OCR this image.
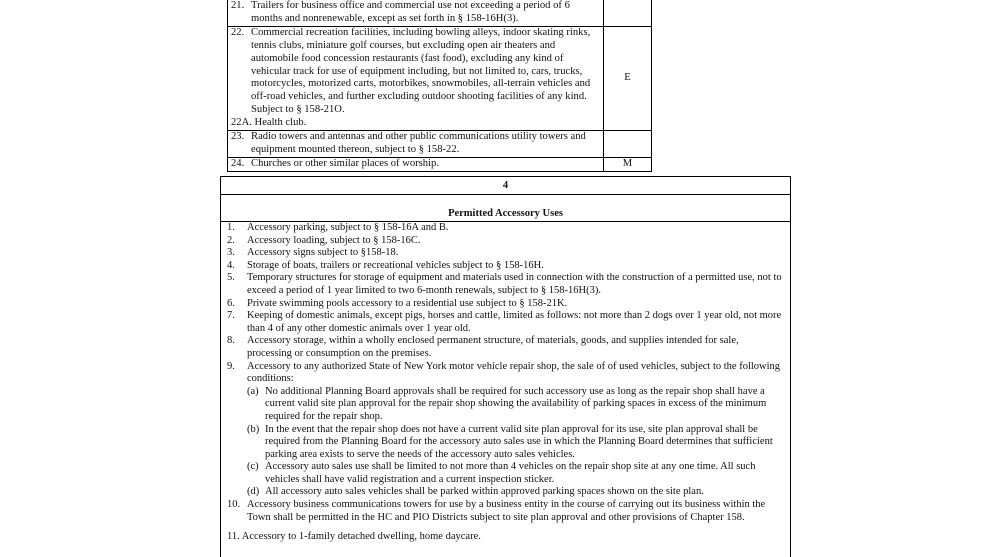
21. Trailers for business office and commercial use not exceeding a period of 6 months and nonrenewable, except as set forth in § 158-16H(3).	

22. Commercial recreation facilities, including bowling alleys, indoor skating rinks, tennis clubs, miniature golf courses, but excluding open air theaters and automobile food concession restaurants (fast food), excluding any kind of vehicular track for use of equipment including, but not limited to, cars, trucks, motorcycles, motorized carts, motorbikes, snowmobiles, all-terrain vehicles and off-road vehicles, and further excluding outdoor shooting facilities of any kind. Subject to § 158-21O.
22A. Health club.	E

23. Radio towers and antennas and other public communications utility towers and equipment mounted thereon, subject to § 158-22.	

24. Churches or other similar places of worship.	M
4
Permitted Accessory Uses
1.	Accessory parking, subject to § 158-16A and B.
2.	Accessory loading, subject to § 158-16C.
3.	Accessory signs subject to §158-18.
4.	Storage of boats, trailers or recreational vehicles subject to § 158-16H.
5.	Temporary structures for storage of equipment and materials used in connection with the construction of a permitted use, not to exceed a period of 1 year limited to two 6-month renewals, subject to § 158-16H(3).
6.	Private swimming pools accessory to a residential use subject to § 158-21K.
7.	Keeping of domestic animals, except pigs, horses and cattle, limited as follows: not more than 2 dogs over 1 year old, not more than 4 of any other domestic animals over 1 year old.
8.	Accessory storage, within a wholly enclosed permanent structure, of materials, goods, and supplies intended for sale, processing or consumption on the premises.
9.	Accessory to any authorized State of New York motor vehicle repair shop, the sale of of used vehicles, subject to the following conditions:
(a) No additional Planning Board approvals shall be required for such accessory use as long as the repair shop shall have a current valid site plan approval for the repair shop showing the availability of parking spaces in excess of the minimum required for the repair shop.
(b) In the event that the repair shop does not have a current valid site plan approval for its use, site plan approval shall be required from the Planning Board for the accessory auto sales use in which the Planning Board determines that sufficient parking area exists to serve the needs of the accessory auto sales vehicles.
(c) Accessory auto sales use shall be limited to not more than 4 vehicles on the repair shop site at any one time. All such vehicles shall have valid registration and a current inspection sticker.
(d) All accessory auto sales vehicles shall be parked within approved parking spaces shown on the site plan.
10. Accessory business communications towers for use by a business entity in the course of carrying out its business within the Town shall be permitted in the HC and PIO Districts subject to site plan approval and other provisions of Chapter 158.
11. Accessory to 1-family detached dwelling, home daycare.
